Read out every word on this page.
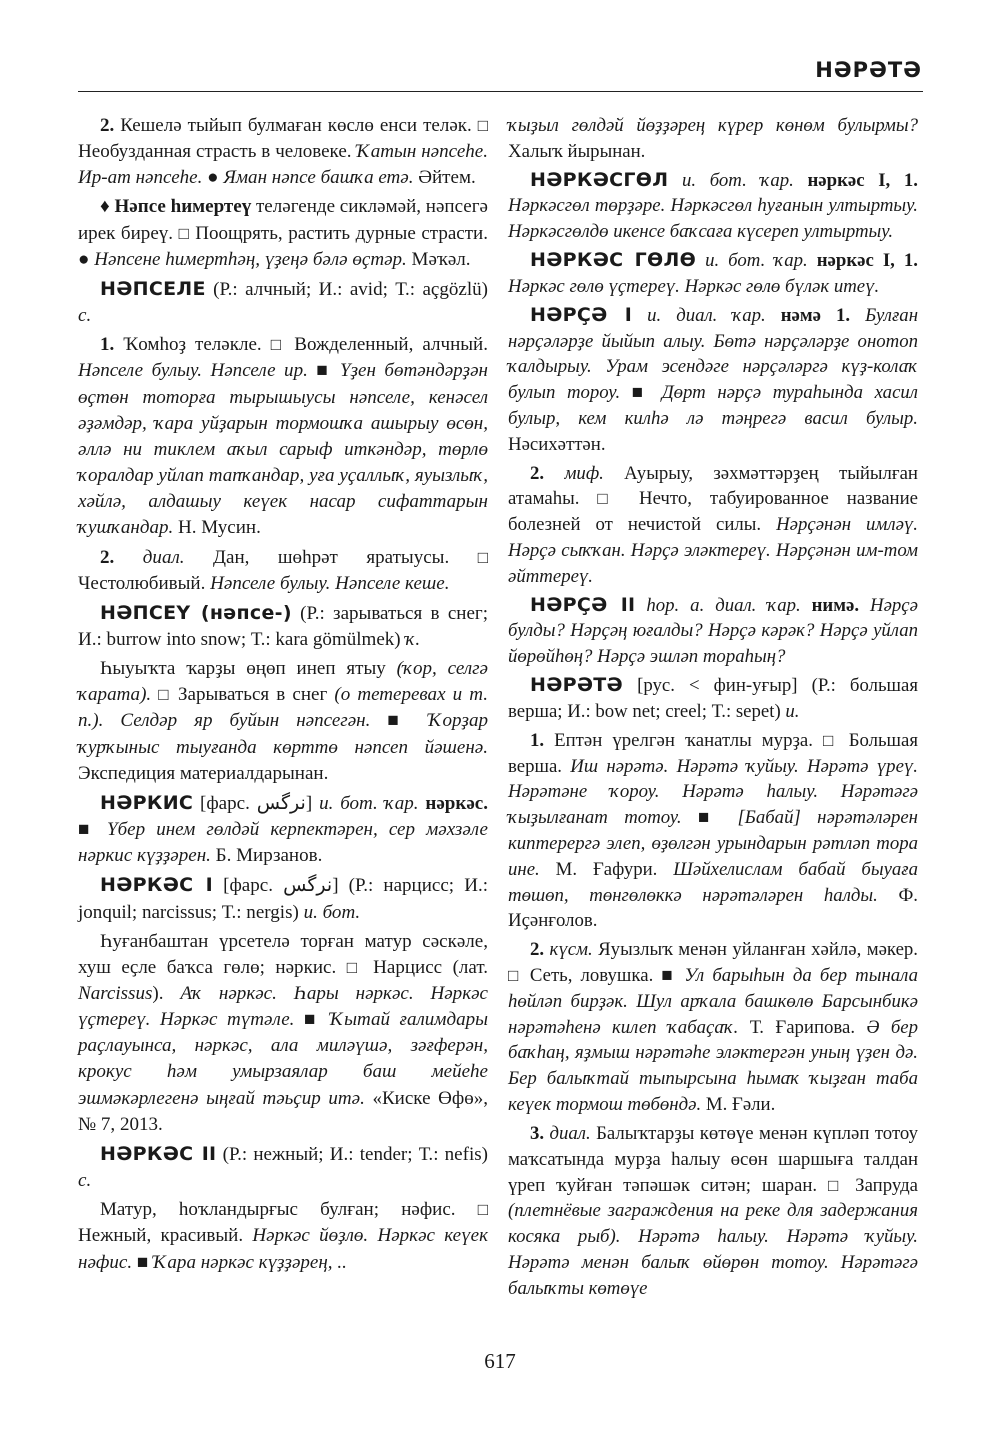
НӘРӘТӘ

2. Кешелә тыйып булмаған көслө енси теләк. □ Необузданная страсть в человеке. Ҡатын нәпсеһе. Ир-ат нәпсеһе. ● Яман нәпсе башҡа етә. Әйтем.

♦ Нәпсе һимертеү теләгенде сикләмәй, нәпсегә ирек биреү. □ Поощрять, растить дурные страсти. ● Нәпсене һимертһәң, үҙеңә бәлә өҫтәр. Мәҡәл.

НӘПСЕЛЕ (Р.: алчный; И.: avid; Т.: açgözlü) с.

1. Ҡомһоҙ теләкле. □ Вожделенный, алчный. Нәпселе булыу. Нәпселе ир. ■ Үҙен бөтәндәрҙән өҫтөн тоторға тырышыусы нәпселе, кенәсел әҙәмдәр, ҡара уйҙарын тормошҡа ашырыу өсөн, әллә ни тиклем аҡыл сарыф иткәндәр, төрлө ҡоралдар уйлап тапҡандар, уға уҫаллыҡ, яуызлыҡ, хәйлә, алдашыу кеүек насар сифаттарын ҡушҡандар. Н. Мусин.

2. диал. Дан, шөһрәт яратыусы. □ Честолюбивый. Нәпселе булыу. Нәпселе кеше.

НӘПСЕҮ (нәпсе-) (Р.: зарываться в снег; И.: burrow into snow; Т.: kara gömülmek) ҡ.

Һыуыҡта ҡарҙы өңөп инеп ятыу (ҡор, селгә ҡарата). □ Зарываться в снег (о тетеревах и т. п.). Селдәр яр буйын нәпсегән. ■ Ҡорҙар ҡурҡыныс тыуғанда көрттө нәпсеп йәшенә. Экспедиция материалдарынан.

НӘРКИС [фарс. نرگس] и. бот. ҡар. нәркәс. ■ Үбер инем гөлдәй керпектәрен, сер мәхзәле нәркис күҙҙәрен. Б. Мирзанов.

НӘРКӘС I [фарс. نرگس] (Р.: нарцисс; И.: jonquil; narcissus; Т.: nergis) и. бот.

Һуғанбаштан үрсетелә торған матур сәскәле, хуш еҫле баҡса гөлө; нәркис. □ Нарцисс (лат. Narcissus). Аҡ нәркәс. Һары нәркәс. Нәркәс үҫтереү. Нәркәс түтәле. ■ Ҡытай ғалимдары раҫлауынса, нәркәс, ала миләүшә, зәғферән, крокус һәм умырзаялар баш мейеһе эшмәкәрлегенә ыңғай тәьҫир итә. «Киске Өфө», № 7, 2013.

НӘРКӘС II (Р.: нежный; И.: tender; Т.: nefis) с.

Матур, һоҡландырғыс булған; нәфис. □ Нежный, красивый. Нәркәс йөҙлө. Нәркәс кеүек нәфис. ■ Ҡара нәркәс күҙҙәрең, ..

ҡыҙыл гөлдәй йөҙҙәрең күрер көнөм булырмы? Халыҡ йырынан.

НӘРКӘСГӨЛ и. бот. ҡар. нәркәс I, 1. Нәркәсгөл төрҙәре. Нәркәсгөл һуғанын ултыртыу. Нәркәсгөлдө икенсе баҡсаға күсереп ултыртыу.

НӘРКӘС ГӨЛӨ и. бот. ҡар. нәркәс I, 1. Нәркәс гөлө үҫтереү. Нәркәс гөлө бүләк итеү.

НӘРҪӘ I и. диал. ҡар. нәмә 1. Булған нәрҫәләрҙе йыйып алыу. Бөтә нәрҫәләрҙе онотоп ҡалдырыу. Урам эсендәге нәрҫәләргә күҙ-колаҡ булып тороу. ■ Дөрт нәрҫә тураһында хасил булыр, кем килһә лә тәңрегә васил булыр. Нәсихәттән.

2. миф. Ауырыу, зәхмәттәрҙең тыйылған атамаһы. □ Нечто, табуированное название болезней от нечистой силы. Нәрҫәнән имләү. Нәрҫә сыҡҡан. Нәрҫә эләктереү. Нәрҫәнән им-том әйттереү.

НӘРҪӘ II һор. а. диал. ҡар. нимә. Нәрҫә булды? Нәрҫәң юғалды? Нәрҫә кәрәк? Нәрҫә уйлап йөрөйһөң? Нәрҫә эшләп тораһың?

НӘРӘТӘ [рус. < фин-уғыр] (Р.: большая верша; И.: bow net; creel; Т.: sepet) и.

1. Ептән үрелгән ҡанатлы мурҙа. □ Большая верша. Иш нәрәтә. Нәрәтә ҡуйыу. Нәрәтә үреү. Нәрәтәне ҡороу. Нәрәтә һалыу. Нәрәтәгә ҡыҙылғанат тотоу. ■ [Бабай] нәрәтәләрен киптерергә элеп, өҙөлгән урындарын рәтләп тора ине. М. Ғафури. Шәйхелислам бабай быуаға төшөп, төнгөлөккә нәрәтәләрен һалды. Ф. Иҫәнғолов.

2. күсм. Яуызлыҡ менән уйланған хәйлә, мәкер. □ Сеть, ловушка. ■ Ул барыһын да бер тынала һөйләп бирҙәк. Шул арҡала башкөлө Барсынбикә нәрәтәһенә килеп ҡабаҫаҡ. Т. Ғарипова. Ә бер баҡһаң, яҙмыш нәрәтәһе эләктергән уның үҙен дә. Бер балыҡтай тыпырсына һымаҡ ҡыҙған таба кеүек тормош төбөндә. М. Ғәли.

3. диал. Балыҡтарҙы көтөүе менән күпләп тотоу маҡсатында мурҙа һалыу өсөн шаршыға талдан үреп ҡуйған тәпәшәк ситән; шаран. □ Запруда (плетнёвые заграждения на реке для задержания косяка рыб). Нәрәтә һалыу. Нәрәтә ҡуйыу. Нәрәтә менән балыҡ өйөрөн тотоу. Нәрәтәгә балыҡты көтөүе

617
